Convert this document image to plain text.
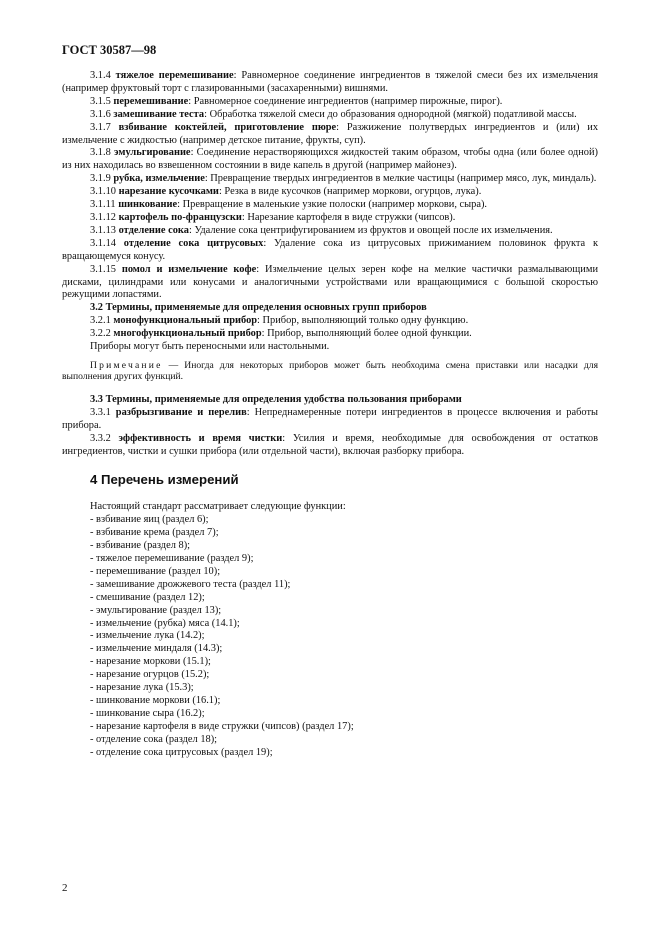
ГОСТ 30587—98

3.1.4 тяжелое перемешивание: Равномерное соединение ингредиентов в тяжелой смеси без их измельчения (например фруктовый торт с глазированными (засахаренными) вишнями.

3.1.5 перемешивание: Равномерное соединение ингредиентов (например пирожные, пирог).

3.1.6 замешивание теста: Обработка тяжелой смеси до образования однородной (мягкой) податливой массы.

3.1.7 взбивание коктейлей, приготовление пюре: Разжижение полутвердых ингредиентов и (или) их измельчение с жидкостью (например детское питание, фрукты, суп).

3.1.8 эмульгирование: Соединение нерастворяющихся жидкостей таким образом, чтобы одна (или более одной) из них находилась во взвешенном состоянии в виде капель в другой (например майонез).

3.1.9 рубка, измельчение: Превращение твердых ингредиентов в мелкие частицы (например мясо, лук, миндаль).

3.1.10 нарезание кусочками: Резка в виде кусочков (например моркови, огурцов, лука).

3.1.11 шинкование: Превращение в маленькие узкие полоски (например моркови, сыра).

3.1.12 картофель по-французски: Нарезание картофеля в виде стружки (чипсов).

3.1.13 отделение сока: Удаление сока центрифугированием из фруктов и овощей после их измельчения.

3.1.14 отделение сока цитрусовых: Удаление сока из цитрусовых прижиманием половинок фрукта к вращающемуся конусу.

3.1.15 помол и измельчение кофе: Измельчение целых зерен кофе на мелкие частички размалывающими дисками, цилиндрами или конусами и аналогичными устройствами или вращающимися с большой скоростью режущими лопастями.

3.2 Термины, применяемые для определения основных групп приборов

3.2.1 монофункциональный прибор: Прибор, выполняющий только одну функцию.

3.2.2 многофункциональный прибор: Прибор, выполняющий более одной функции.

Приборы могут быть переносными или настольными.

Примечание — Иногда для некоторых приборов может быть необходима смена приставки или насадки для выполнения других функций.

3.3 Термины, применяемые для определения удобства пользования приборами

3.3.1 разбрызгивание и перелив: Непреднамеренные потери ингредиентов в процессе включения и работы прибора.

3.3.2 эффективность и время чистки: Усилия и время, необходимые для освобождения от остатков ингредиентов, чистки и сушки прибора (или отдельной части), включая разборку прибора.

4 Перечень измерений

Настоящий стандарт рассматривает следующие функции:

- взбивание яиц (раздел 6);
- взбивание крема (раздел 7);
- взбивание (раздел 8);
- тяжелое перемешивание (раздел 9);
- перемешивание (раздел 10);
- замешивание дрожжевого теста (раздел 11);
- смешивание (раздел 12);
- эмульгирование (раздел 13);
- измельчение (рубка) мяса (14.1);
- измельчение лука (14.2);
- измельчение миндаля (14.3);
- нарезание моркови (15.1);
- нарезание огурцов (15.2);
- нарезание лука (15.3);
- шинкование моркови (16.1);
- шинкование сыра (16.2);
- нарезание картофеля в виде стружки (чипсов) (раздел 17);
- отделение сока (раздел 18);
- отделение сока цитрусовых (раздел 19);
2
